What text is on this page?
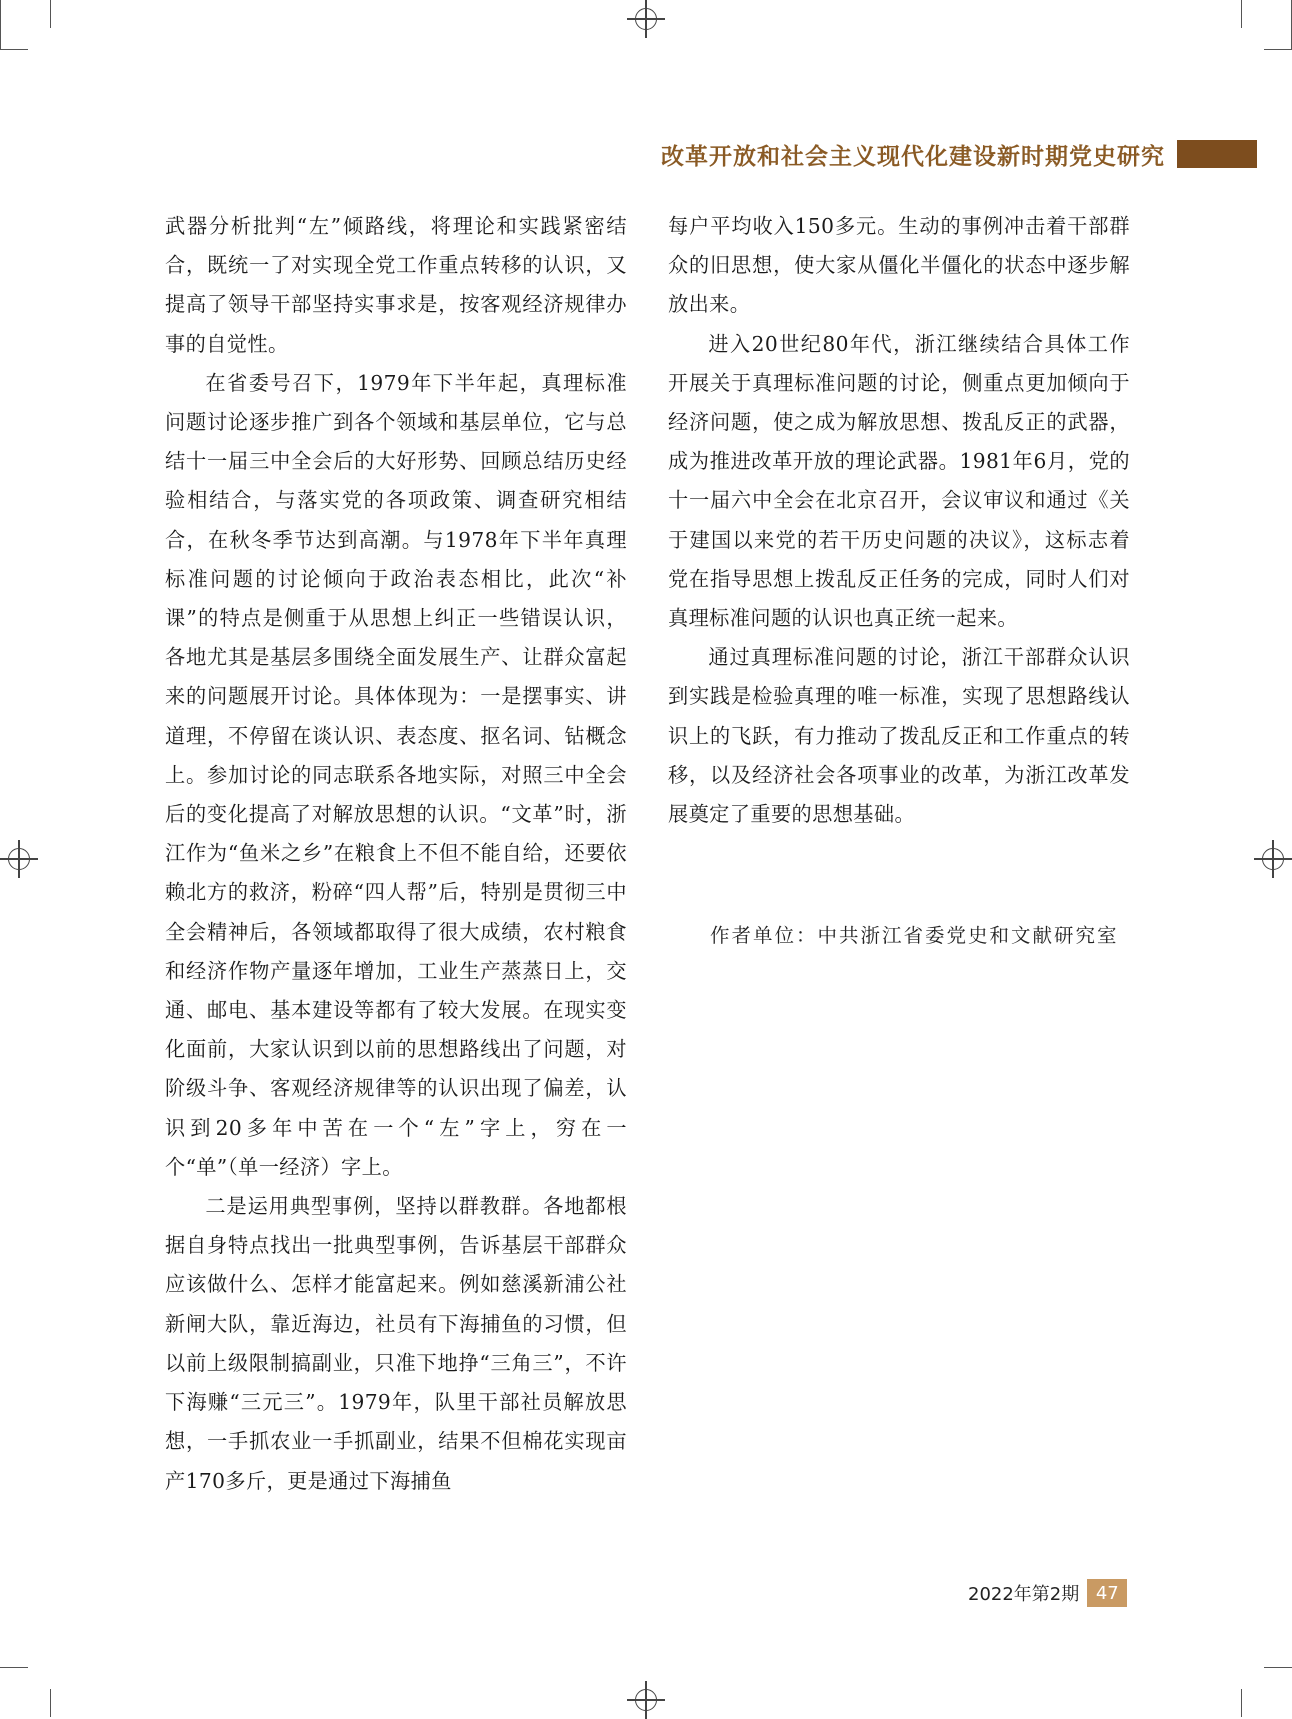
改革开放和社会主义现代化建设新时期党史研究

武器分析批判“左”倾路线，将理论和实践紧密结合，既统一了对实现全党工作重点转移的认识，又提高了领导干部坚持实事求是，按客观经济规律办事的自觉性。

在省委号召下，1979年下半年起，真理标准问题讨论逐步推广到各个领域和基层单位，它与总结十一届三中全会后的大好形势、回顾总结历史经验相结合，与落实党的各项政策、调查研究相结合，在秋冬季节达到高潮。与1978年下半年真理标准问题的讨论倾向于政治表态相比，此次“补课”的特点是侧重于从思想上纠正一些错误认识，各地尤其是基层多围绕全面发展生产、让群众富起来的问题展开讨论。具体体现为：一是摆事实、讲道理，不停留在谈认识、表态度、抠名词、钻概念上。参加讨论的同志联系各地实际，对照三中全会后的变化提高了对解放思想的认识。“文革”时，浙江作为“鱼米之乡”在粮食上不但不能自给，还要依赖北方的救济，粉碎“四人帮”后，特别是贯彻三中全会精神后，各领域都取得了很大成绩，农村粮食和经济作物产量逐年增加，工业生产蒸蒸日上，交通、邮电、基本建设等都有了较大发展。在现实变化面前，大家认识到以前的思想路线出了问题，对阶级斗争、客观经济规律等的认识出现了偏差，认识到20多年中苦在一个“左”字上，穷在一个“单”（单一经济）字上。

二是运用典型事例，坚持以群教群。各地都根据自身特点找出一批典型事例，告诉基层干部群众应该做什么、怎样才能富起来。例如慈溪新浦公社新闸大队，靠近海边，社员有下海捕鱼的习惯，但以前上级限制搞副业，只准下地挣“三角三”，不许下海赚“三元三”。1979年，队里干部社员解放思想，一手抓农业一手抓副业，结果不但棉花实现亩产170多斤，更是通过下海捕鱼

每户平均收入150多元。生动的事例冲击着干部群众的旧思想，使大家从僵化半僵化的状态中逐步解放出来。

进入20世纪80年代，浙江继续结合具体工作开展关于真理标准问题的讨论，侧重点更加倾向于经济问题，使之成为解放思想、拨乱反正的武器，成为推进改革开放的理论武器。1981年6月，党的十一届六中全会在北京召开，会议审议和通过《关于建国以来党的若干历史问题的决议》，这标志着党在指导思想上拨乱反正任务的完成，同时人们对真理标准问题的认识也真正统一起来。

通过真理标准问题的讨论，浙江干部群众认识到实践是检验真理的唯一标准，实现了思想路线认识上的飞跃，有力推动了拨乱反正和工作重点的转移，以及经济社会各项事业的改革，为浙江改革发展奠定了重要的思想基础。

作者单位：中共浙江省委党史和文献研究室
2022年第2期 47
